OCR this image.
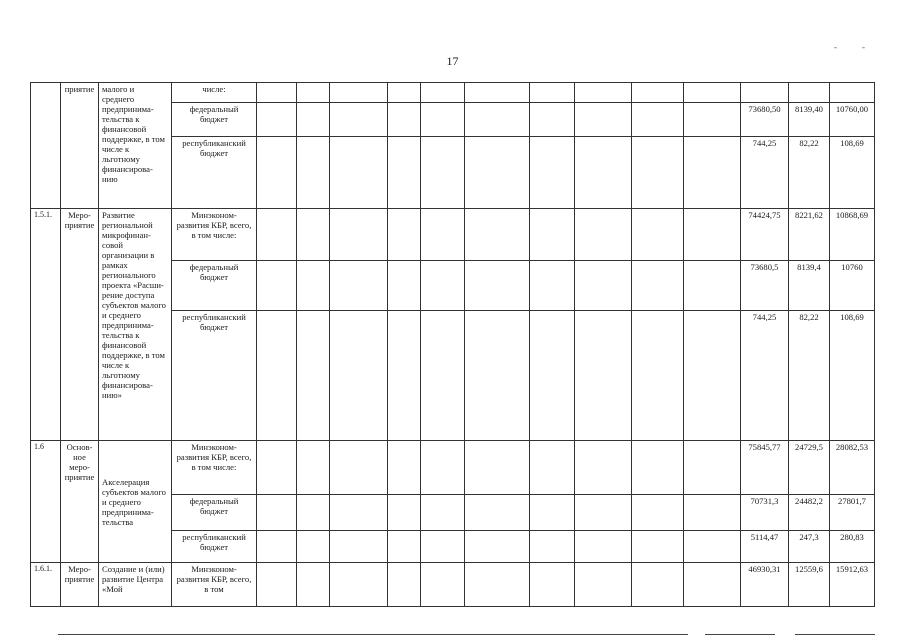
17
-	-
	приятие	малого и среднего предпринима-тельства к финансовой поддержке, в том числе к льготному финансирова-нию	числе:													
			федеральный бюджет											73680,50	8139,40	10760,00
			республиканский бюджет											744,25	82,22	108,69
1.5.1.	Меро-приятие	Развитие региональной микрофинан-совой организации в рамках регионального проекта «Расши-рение доступа субъектов малого и среднего предпринима-тельства к финансовой поддержке, в том числе к льготному финансирова-нию»	Минэконом-развития КБР, всего, в том числе:											74424,75	8221,62	10868,69
			федеральный бюджет											73680,5	8139,4	10760
			республиканский бюджет											744,25	82,22	108,69
1.6	Основ-ное меро-приятие	Акселерация субъектов малого и среднего предпринима-тельства	Минэконом-развития КБР, всего, в том числе:											75845,77	24729,5	28082,53
			федеральный бюджет											70731,3	24482,2	27801,7
			республиканский бюджет											5114,47	247,3	280,83
1.6.1.	Меро-приятие	Создание и (или) развитие Центра «Мой	Минэконом-развития КБР, всего, в том											46930,31	12559,6	15912,63
